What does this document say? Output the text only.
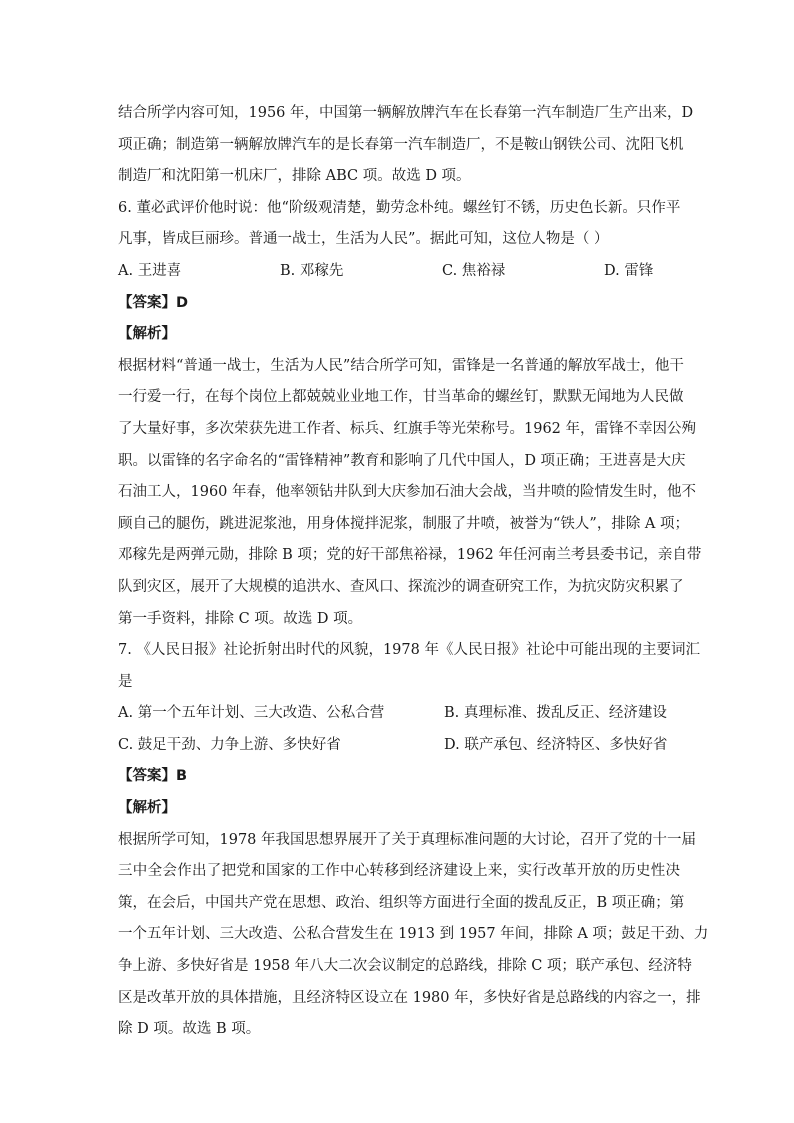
结合所学内容可知，1956 年，中国第一辆解放牌汽车在长春第一汽车制造厂生产出来，D
项正确；制造第一辆解放牌汽车的是长春第一汽车制造厂，不是鞍山钢铁公司、沈阳飞机
制造厂和沈阳第一机床厂，排除 ABC 项。故选 D 项。
6. 董必武评价他时说：他“阶级观清楚，勤劳念朴纯。螺丝钉不锈，历史色长新。只作平
凡事，皆成巨丽珍。普通一战士，生活为人民”。据此可知，这位人物是（ ）
A. 王进喜	B. 邓稼先	C. 焦裕禄	D. 雷锋
【答案】D
【解析】
根据材料“普通一战士，生活为人民”结合所学可知，雷锋是一名普通的解放军战士，他干
一行爱一行，在每个岗位上都兢兢业业地工作，甘当革命的螺丝钉，默默无闻地为人民做
了大量好事，多次荣获先进工作者、标兵、红旗手等光荣称号。1962 年，雷锋不幸因公殉
职。以雷锋的名字命名的“雷锋精神”教育和影响了几代中国人，D 项正确；王进喜是大庆
石油工人，1960 年春，他率领钻井队到大庆参加石油大会战，当井喷的险情发生时，他不
顾自己的腿伤，跳进泥浆池，用身体搅拌泥浆，制服了井喷，被誉为“铁人”，排除 A 项；
邓稼先是两弹元勋，排除 B 项；党的好干部焦裕禄，1962 年任河南兰考县委书记，亲自带
队到灾区，展开了大规模的追洪水、查风口、探流沙的调查研究工作，为抗灾防灾积累了
第一手资料，排除 C 项。故选 D 项。
7. 《人民日报》社论折射出时代的风貌，1978 年《人民日报》社论中可能出现的主要词汇
是
A. 第一个五年计划、三大改造、公私合营	B. 真理标准、拨乱反正、经济建设
C. 鼓足干劲、力争上游、多快好省	D. 联产承包、经济特区、多快好省
【答案】B
【解析】
根据所学可知，1978 年我国思想界展开了关于真理标准问题的大讨论，召开了党的十一届
三中全会作出了把党和国家的工作中心转移到经济建设上来，实行改革开放的历史性决
策，在会后，中国共产党在思想、政治、组织等方面进行全面的拨乱反正，B 项正确；第
一个五年计划、三大改造、公私合营发生在 1913 到 1957 年间，排除 A 项；鼓足干劲、力
争上游、多快好省是 1958 年八大二次会议制定的总路线，排除 C 项；联产承包、经济特
区是改革开放的具体措施，且经济特区设立在 1980 年，多快好省是总路线的内容之一，排
除 D 项。故选 B 项。
